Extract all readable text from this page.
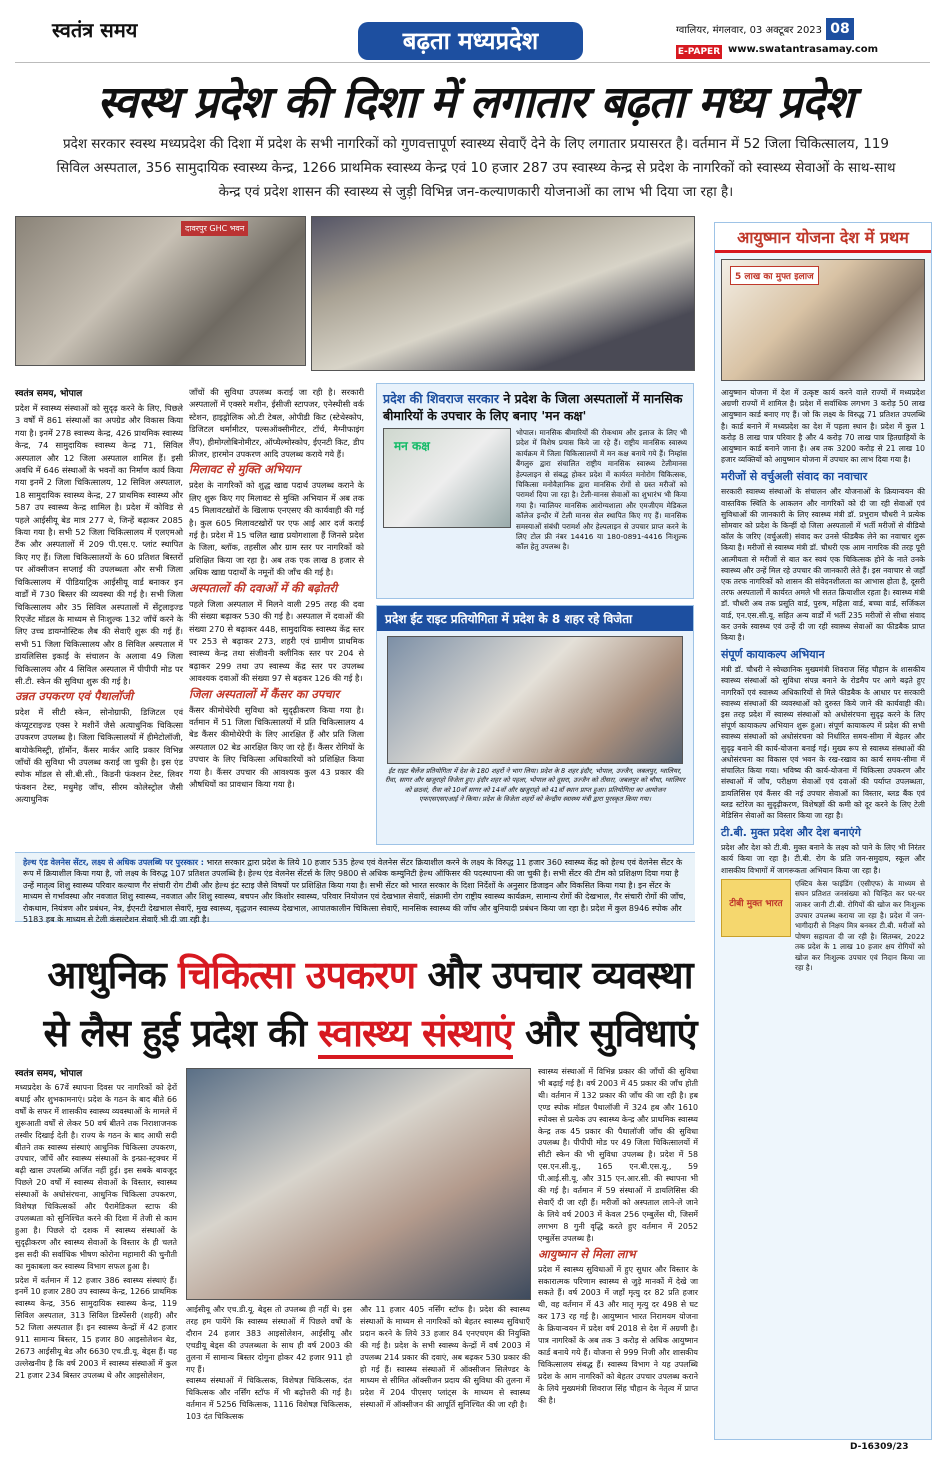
स्वतंत्र समय	बढ़ता मध्यप्रदेश	ग्वालियर, मंगलवार, 03 अक्टूबर 2023 08
E-PAPER www.swatantrasamay.com
स्वस्थ प्रदेश की दिशा में लगातार बढ़ता मध्य प्रदेश
प्रदेश सरकार स्वस्थ मध्यप्रदेश की दिशा में प्रदेश के सभी नागरिकों को गुणवत्तापूर्ण स्वास्थ्य सेवाएँ देने के लिए लगातार प्रयासरत है। वर्तमान में 52 जिला चिकित्सालय, 119 सिविल अस्पताल, 356 सामुदायिक स्वास्थ्य केन्द्र, 1266 प्राथमिक स्वास्थ्य केन्द्र एवं 10 हजार 287 उप स्वास्थ्य केन्द्र से प्रदेश के नागरिकों को स्वास्थ्य सेवाओं के साथ-साथ केन्द्र एवं प्रदेश शासन की स्वास्थ्य से जुड़ी विभिन्न जन-कल्याणकारी योजनाओं का लाभ भी दिया जा रहा है।
दावरपुर GHC भवन
स्वतंत्र समय, भोपाल
प्रदेश में स्वास्थ्य संस्थाओं को सुदृढ़ करने के लिए, पिछले 3 वर्षों में 861 संस्थाओं का अपग्रेड और विकास किया गया है। इनमें 278 स्वास्थ्य केन्द्र, 426 प्राथमिक स्वास्थ्य केन्द्र, 74 सामुदायिक स्वास्थ्य केन्द्र 71, सिविल अस्पताल और 12 जिला अस्पताल शामिल हैं। इसी अवधि में 646 संस्थाओं के भवनों का निर्माण कार्य किया गया इनमें 2 जिला चिकित्सालय, 12 सिविल अस्पताल, 18 सामुदायिक स्वास्थ्य केन्द्र, 27 प्राथमिक स्वास्थ्य और 587 उप स्वास्थ्य केन्द्र शामिल है। प्रदेश में कोविड से पहले आईसीयू बेड मात्र 277 थे, जिन्हें बढ़ाकर 2085 किया गया है। सभी 52 जिला चिकित्सालय में एलएमओ टैंक और अस्पतालों में 209 पी.एस.ए. प्लांट स्थापित किए गए हैं। जिला चिकित्सालयों के 60 प्रतिशत बिस्तरों पर ऑक्सीजन सप्लाई की उपलब्धता और सभी जिला चिकित्सालय में पीडियाट्रिक आईसीयू वार्ड बनाकर इन वार्डों में 730 बिस्तर की व्यवस्था की गई है। सभी जिला चिकित्सालय और 35 सिविल अस्पतालों में सेंट्रलाइज्ड रिएजेंट मॉडल के माध्यम से निःशुल्क 132 जाँचें करने के लिए उच्च डायग्नोस्टिक लैब की सेवाएँ शुरू की गई हैं। सभी 51 जिला चिकित्सालय और 8 सिविल अस्पताल में डायलिसिस इकाई के संचालन के अलावा 49 जिला चिकित्सालय और 4 सिविल अस्पताल में पीपीपी मोड पर सी.टी. स्केन की सुविधा शुरू की गई है।
उन्नत उपकरण एवं पैथालॉजी
प्रदेश में सीटी स्केन, सोनोग्राफी, डिजिटल एवं कंप्यूटराइज्ड एक्स रे मशीनें जैसे अत्याधुनिक चिकित्सा उपकरण उपलब्ध है। जिला चिकित्सालयों में हीमेटोलॉजी, बायोकेमिस्ट्री, हॉर्मोन, कैंसर मार्कर आदि प्रकार विभिन्न जाँचों की सुविधा भी उपलब्ध कराई जा चुकी है। इस एंड स्पोक मॉडल से सी.बी.सी., किडनी फंक्शन टेस्ट, लिवर फंक्शन टेस्ट, मधुमेह जाँच, सीरम कोलेस्ट्रोल जैसी अत्याधुनिक
जाँचों की सुविधा उपलब्ध कराई जा रही है। सरकारी अस्पतालों में एक्सरे मशीन, ईसीजी स्टापजर, एनेस्थीसी वर्क स्टेशन, हाइड्रोलिक ओ.टी टेबल, ओपीडी किट (स्टेथेस्कोप, डिजिटल थर्मामीटर, पल्सऑक्सीमीटर, टॉर्च, मैग्नीफाइंग लैंप), हीमोग्लोबिनोमीटर, ऑप्थैल्मोस्कोप, ईएनटी किट, डीप फ्रीजर, हारमोन उपकरण आदि उपलब्ध कराये गये हैं।
मिलावट से मुक्ति अभियान
प्रदेश के नागरिकों को शुद्ध खाद्य पदार्थ उपलब्ध कराने के लिए शुरू किए गए मिलावट से मुक्ति अभियान में अब तक 45 मिलावटखोरों के खिलाफ एनएसए की कार्यवाही की गई है। कुल 605 मिलावटखोरों पर एफ आई आर दर्ज कराई गई है। प्रदेश में 15 चलित खाद्य प्रयोगशाला हैं जिनसे प्रदेश के जिला, ब्लॉक, तहसील और ग्राम स्तर पर नागरिकों को प्रशिक्षित किया जा रहा है। अब तक एक लाख 8 हजार से अधिक खाद्य पदार्थों के नमूनों की जाँच की गई है।
अस्पतालों की दवाओं में की बढ़ोतरी
पहले जिला अस्पताल में मिलने वाली 295 तरह की दवा की संख्या बढ़ाकर 530 की गई है। अस्पताल में दवाओं की संख्या 270 से बढ़ाकर 448, सामुदायिक स्वास्थ्य केंद्र स्तर पर 253 से बढ़ाकर 273, शहरी एवं ग्रामीण प्राथमिक स्वास्थ्य केन्द्र तथा संजीवनी क्लीनिक स्तर पर 204 से बढ़ाकर 299 तथा उप स्वास्थ्य केंद्र स्तर पर उपलब्ध आवश्यक दवाओं की संख्या 97 से बढ़कर 126 की गई है।
जिला अस्पतालों में कैंसर का उपचार
कैंसर कीमोथेरेपी सुविधा को सुदृढ़ीकरण किया गया है। वर्तमान में 51 जिला चिकित्सालयों में प्रति चिकित्सालय 4 बेड कैंसर कीमोथेरेपी के लिए आरक्षित हैं और प्रति जिला अस्पताल 02 बेड आरक्षित किए जा रहे हैं। कैंसर रोगियों के उपचार के लिए चिकित्सा अधिकारियों को प्रशिक्षित किया गया है। कैंसर उपचार की आवश्यक कुल 43 प्रकार की औषधियों का प्रावधान किया गया है।
प्रदेश की शिवराज सरकार ने प्रदेश के जिला अस्पतालों में मानसिक बीमारियों के उपचार के लिए बनाए 'मन कक्ष'
मन कक्ष
भोपाल। मानसिक बीमारियों की रोकथाम और इलाज के लिए भी प्रदेश में विशेष प्रयास किये जा रहे हैं। राष्ट्रीय मानसिक स्वास्थ्य कार्यक्रम में जिला चिकित्सालयों में मन कक्ष बनाये गये हैं। निम्हांस बैंगलुरु द्वारा संचालित राष्ट्रीय मानसिक स्वास्थ्य टेलीमानस हेल्पलाइन से संबद्ध होकर प्रदेश में कार्यरत मनोरोग चिकित्सक, चिकित्सा मनोवैज्ञानिक द्वारा मानसिक रोगों से ग्रस्त मरीजों को परामर्श दिया जा रहा है। टेली-मानस सेवाओं का शुभारंभ भी किया गया है। ग्वालियर मानसिक आरोग्यशाला और एमजीएम मेडिकल कॉलेज इन्दौर में टेली मानस सेल स्थापित किए गए हैं। मानसिक समस्याओं संबंधी परामर्श और हेल्पलाइन से उपचार प्राप्त करने के लिए टोल फ्री नंबर 14416 या 180-0891-4416 निःशुल्क कॉल हेतु उपलब्ध है।
प्रदेश ईट राइट प्रतियोगिता में प्रदेश के 8 शहर रहे विजेता
ईट राइट चैलेंज प्रतियोगिता में देश के 180 शहरों ने भाग लिया। प्रदेश के 8 शहर इंदौर, भोपाल, उज्जैन, जबलपुर, ग्वालियर, रीवा, सागर और खजुराहो विजेता हुए। इंदौर शहर को पहला, भोपाल को दूसरा, उज्जैन को तीसरा, जबलपुर को चौथा, ग्वालियर को छठवां, रीवा को 10वाँ सागर को 14वाँ और खजुराहो को 41वाँ स्थान प्राप्त हुआ। प्रतियोगिता का आयोजन एफएसएसएआई ने किया। प्रदेश के विजेता शहरों को केन्द्रीय स्वास्थ्य मंत्री द्वारा पुरस्कृत किया गया।
हेल्थ एंड वेलनेस सेंटर, लक्ष्य से अधिक उपलब्धि पर पुरस्कार : भारत सरकार द्वारा प्रदेश के लिये 10 हजार 535 हेल्थ एवं वेलनेस सेंटर क्रियाशील करने के लक्ष्य के विरुद्ध 11 हजार 360 स्वास्थ्य केंद्र को हेल्थ एवं वेलनेस सेंटर के रूप में क्रियाशील किया गया है, जो लक्ष्य के विरुद्ध 107 प्रतिशत उपलब्धि है। हेल्थ एंड वेलनेस सेंटर्स के लिए 9800 से अधिक कम्युनिटी हेल्थ ऑफिसर की पदस्थापना की जा चुकी है। सभी सेंटर की टीम को प्रशिक्षण दिया गया है उन्हें मातृत्व शिशु स्वास्थ्य परिवार कल्याण गैर संचारी रोग टीबी और हेल्थ इंट स्टाइ जैसे विषयों पर प्रशिक्षित किया गया है। सभी सेंटर को भारत सरकार के दिशा निर्देशों के अनुसार डिजाइन और विकसित किया गया है। इन सेंटर के माध्यम से गर्भावस्था और नवजात शिशु स्वास्थ्य, नवजात और शिशु स्वास्थ्य, बचपन और किशोर स्वास्थ्य, परिवार नियोजन एवं देखभाल सेवाएँ, संक्रामी रोग राष्ट्रीय स्वास्थ्य कार्यक्रम, सामान्य रोगों की देखभाल, गैर संचारी रोगों की जाँच, रोकथाम, नियंत्रण और प्रबंधन, नेत्र, ईएनटी देखभाल सेवाएँ, मुख स्वास्थ्य, वृद्धजन स्वास्थ्य देखभाल, आपातकालीन चिकित्सा सेवाएँ, मानसिक स्वास्थ्य की जाँच और बुनियादी प्रबंधन किया जा रहा है। प्रदेश में कुल 8946 स्पोक और 5183 हब के माध्यम से टेली कंसल्टेशन सेवाएँ भी दी जा रही है।
आधुनिक चिकित्सा उपकरण और उपचार व्यवस्था
से लैस हुई प्रदेश की स्वास्थ्य संस्थाएं और सुविधाएं
स्वतंत्र समय, भोपाल
मध्यप्रदेश के 67वें स्थापना दिवस पर नागरिकों को ढ़ेरों बधाई और शुभकामनाएं। प्रदेश के गठन के बाद बीते 66 वर्षों के सफर में शासकीय स्वास्थ्य व्यवस्थाओं के मामले में शुरूआती वर्षों से लेकर 50 वर्ष बीतने तक निराशाजनक तस्वीर दिखाई देती है। राज्य के गठन के बाद आधी सदी बीतने तक स्वास्थ्य संस्थाएं आधुनिक चिकित्सा उपकरण, उपचार, जाँचें और स्वास्थ्य संस्थाओं के इन्फ्रा-स्ट्रक्चर में बढ़ी खास उपलब्धि अर्जित नहीं हुई। इस सबके बावजूद पिछले 20 वर्षों में स्वास्थ्य सेवाओं के विस्तार, स्वास्थ्य संस्थाओं के अधोसंरचना, आधुनिक चिकित्सा उपकरण, विशेषज्ञ चिकित्सकों और पैरामेडिकल स्टाफ की उपलब्धता को सुनिश्चित करने की दिशा में तेजी से काम हुआ है। पिछले दो दशक में स्वास्थ्य संस्थाओं के सुदृढ़ीकरण और स्वास्थ्य सेवाओं के विस्तार के ही चलते इस सदी की सर्वाधिक भीषण कोरोना महामारी की चुनौती का मुकाबला कर स्वास्थ्य विभाग सफल हुआ है।
प्रदेश में वर्तमान में 12 हजार 386 स्वास्थ्य संस्थाएं हैं। इनमें 10 हजार 280 उप स्वास्थ्य केन्द्र, 1266 प्राथमिक स्वास्थ्य केन्द्र, 356 सामुदायिक स्वास्थ्य केन्द्र, 119 सिविल अस्पताल, 313 सिविल डिस्पेंसरी (शहरी) और 52 जिला अस्पताल हैं। इन स्वास्थ्य केन्द्रों में 42 हजार 911 सामान्य बिस्तर, 15 हजार 80 आइसोलेशन बेड, 2673 आईसीयू बेड और 6630 एच.डी.यू. बेड्स हैं। यह उल्लेखनीय है कि वर्ष 2003 में स्वास्थ्य संस्थाओं में कुल 21 हजार 234 बिस्तर उपलब्ध थे और आइसोलेशन,
आईसीयू और एच.डी.यू. बेड्स तो उपलब्ध ही नहीं थे। इस तरह हम पायेंगे कि स्वास्थ्य संस्थाओं में पिछले वर्षों के दौरान 24 हजार 383 आइसोलेशन, आईसीयू और एचडीयू बेड्स की उपलब्धता के साथ ही वर्ष 2003 की तुलना में सामान्य बिस्तर दोगुना होकर 42 हजार 911 हो गए हैं।
स्वास्थ्य संस्थाओं में चिकित्सक, विशेषज्ञ चिकित्सक, दंत चिकित्सक और नर्सिंग स्टॉफ में भी बढ़ोत्तरी की गई है। वर्तमान में 5256 चिकित्सक, 1116 विशेषज्ञ चिकित्सक, 103 दंत चिकित्सक
और 11 हजार 405 नर्सिंग स्टॉफ है। प्रदेश की स्वास्थ्य संस्थाओं के माध्यम से नागरिकों को बेहतर स्वास्थ्य सुविधाएँ प्रदान करने के लिये 33 हजार 84 एनएचएम की नियुक्ति की गई है। प्रदेश के सभी स्वास्थ्य केन्द्रों में वर्ष 2003 में उपलब्ध 214 प्रकार की दवाएं, अब बढ़कर 530 प्रकार की हो गई हैं। स्वास्थ्य संस्थाओं में ऑक्सीजन सिलेण्डर के माध्यम से सीमित ऑक्सीजन प्रदाय की सुविधा की तुलना में प्रदेश में 204 पीएसए प्लांट्स के माध्यम से स्वास्थ्य संस्थाओं में ऑक्सीजन की आपूर्ति सुनिश्चित की जा रही है।
स्वास्थ्य संस्थाओं में विभिन्न प्रकार की जाँचों की सुविधा भी बढ़ाई गई है। वर्ष 2003 में 45 प्रकार की जाँच होती थी। वर्तमान में 132 प्रकार की जाँच की जा रही है। हब एण्ड स्पोक मॉडल पैथालॉजी में 324 हब और 1610 स्पोक्स से प्रत्येक उप स्वास्थ्य केन्द्र और प्राथमिक स्वास्थ्य केन्द्र तक 45 प्रकार की पैथालॉजी जाँच की सुविधा उपलब्ध है। पीपीपी मोड पर 49 जिला चिकित्सालयों में सीटी स्केन की भी सुविधा उपलब्ध है। प्रदेश में 58 एस.एन.सी.यू., 165 एन.बी.एस.यू., 59 पी.आई.सी.यू. और 315 एन.आर.सी. की स्थापना भी की गई है। वर्तमान में 59 संस्थाओं में डायलिसिस की सेवाएँ दी जा रही हैं। मरीजों को अस्पताल लाने-ले जाने के लिये वर्ष 2003 में केवल 256 एम्बुलेंस थी, जिसमें लगभग 8 गुनी वृद्धि करते हुए वर्तमान में 2052 एम्बुलेंस उपलब्ध है।
आयुष्मान से मिला लाभ
प्रदेश में स्वास्थ्य सुविधाओं में हुए सुधार और विस्तार के सकारात्मक परिणाम स्वास्थ्य से जुड़े मानकों में देखे जा सकते हैं। वर्ष 2003 में जहाँ मृत्यु दर 82 प्रति हजार थी, वह वर्तमान में 43 और मातृ मृत्यु दर 498 से घट कर 173 रह गई है। आयुष्मान भारत निरामयम योजना के क्रियान्वयन में प्रदेश वर्ष 2018 से देश में अग्रणी है। पात्र नागरिकों के अब तक 3 करोड़ से अधिक आयुष्मान कार्ड बनाये गये हैं। योजना से 999 निजी और शासकीय चिकित्सालय संबद्ध हैं। स्वास्थ्य विभाग ने यह उपलब्धि प्रदेश के आम नागरिकों को बेहतर उपचार उपलब्ध कराने के लिये मुख्यमंत्री शिवराज सिंह चौहान के नेतृत्व में प्राप्त की है।
आयुष्मान योजना देश में प्रथम
5 लाख का मुफ्त इलाज
आयुष्मान योजना में देश में उत्कृष्ट कार्य करने वाले राज्यों में मध्यप्रदेश अग्रणी राज्यों में शामिल है। प्रदेश में सर्वाधिक लगभग 3 करोड़ 50 लाख आयुष्मान कार्ड बनाए गए हैं। जो कि लक्ष्य के विरुद्ध 71 प्रतिशत उपलब्धि है। कार्ड बनाने में मध्यप्रदेश का देश में पहला स्थान है। प्रदेश में कुल 1 करोड़ 8 लाख पात्र परिवार है और 4 करोड़ 70 लाख पात्र हितग्राहियों के आयुष्मान कार्ड बनाने जाना है। अब तक 3200 करोड़ से 21 लाख 10 हजार व्यक्तियों को आयुष्मान योजना में उपचार का लाभ दिया गया है।
मरीजों से वर्चुअली संवाद का नवाचार
सरकारी स्वास्थ्य संस्थाओं के संचालन और योजनाओं के क्रियान्वयन की वास्तविक स्थिति के आकलन और नागरिकों को दी जा रही सेवाओं एवं सुविधाओं की जानकारी के लिए स्वास्थ्य मंत्री डॉ. प्रभुराम चौधरी ने प्रत्येक सोमवार को प्रदेश के किन्हीं दो जिला अस्पतालों में भर्ती मरीजों से वीडियो कॉल के जरिए (वर्चुअली) संवाद कर उनसे फीडबैक लेने का नवाचार शुरू किया है। मरीजों से स्वास्थ्य मंत्री डॉ. चौधरी एक आम नागरिक की तरह पूरी आत्मीयता से मरीजों से बात कर स्वयं एक चिकित्सक होने के नाते उनके स्वास्थ्य और उन्हें मिल रहे उपचार की जानकारी लेते हैं। इस नवाचार से जहाँ एक तरफ नागरिकों को शासन की संवेदनशीलता का आभास होता है, दूसरी तरफ अस्पतालों में कार्यरत अमले भी सतत क्रियाशील रहता है। स्वास्थ्य मंत्री डॉ. चौधरी अब तक प्रसूति वार्ड, पुरुष, महिला वार्ड, बच्चा वार्ड, सर्जिकल वार्ड, एन.एस.सी.यू. सहित अन्य वार्डों में भर्ती 235 मरीजों से सीधा संवाद कर उनके स्वास्थ्य एवं उन्हें दी जा रही स्वास्थ्य सेवाओं का फीडबैक प्राप्त किया है।
संपूर्ण कायाकल्प अभियान
मंत्री डॉ. चौधरी ने स्वेच्छानिक मुख्यमंत्री शिवराज सिंह चौहान के शासकीय स्वास्थ्य संस्थाओं को सुविधा संपन्न बनाने के रोडमैप पर आगे बढ़ते हुए नागरिकों एवं स्वास्थ्य अधिकारियों से मिले फीडबैक के आधार पर सरकारी स्वास्थ्य संस्थाओं की व्यवस्थाओं को दुरुस्त किये जाने की कार्यवाही की। इस तरह प्रदेश में स्वास्थ्य संस्थाओं को अधोसंरचना सुदृढ़ करने के लिए संपूर्ण कायाकल्प अभियान शुरू हुआ। संपूर्ण कायाकल्प में प्रदेश की सभी स्वास्थ्य संस्थाओं को अधोसंरचना को निर्धारित समय-सीमा में बेहतर और सुदृढ़ बनाने की कार्य-योजना बनाई गई। मुख्य रूप से स्वास्थ्य संस्थाओं की अधोसंरचना का विकास एवं भवन के रख-रखाव का कार्य समय-सीमा में संचालित किया गया। भविष्य की कार्य-योजना में चिकित्सा उपकरण और संस्थाओं में जाँच, परीक्षण सेवाओं एवं दवाओं की पर्याप्त उपलब्धता, डायलिसिस एवं कैंसर की नई उपचार सेवाओं का विस्तार, ब्लड बैंक एवं ब्लड स्टोरेज का सुदृढ़ीकरण, विशेषज्ञों की कमी को दूर करने के लिए टेली मेडिसिन सेवाओं का विस्तार किया जा रहा है।
टी.बी. मुक्त प्रदेश और देश बनाएंगे
प्रदेश और देश को टी.बी. मुक्त बनाने के लक्ष्य को पाने के लिए भी निरंतर कार्य किया जा रहा है। टी.बी. रोग के प्रति जन-समुदाय, स्कूल और शासकीय विभागों में जागरूकता अभियान किया जा रहा है।
टीबी मुक्त भारत
एक्टिव केस फाइंडिंग (एसीएफ) के माध्यम से सघन प्रतिशत जनसंख्या को चिन्हित कर घर-घर जाकर जानी टी.बी. रोगियों की खोज कर निःशुल्क उपचार उपलब्ध कराया जा रहा है। प्रदेश में जन-भागीदारी से निक्षय मित्र बनकर टी.बी. मरीजों को पोषण सहायता दी जा रही है। सितम्बर, 2022 तक प्रदेश के 1 लाख 10 हजार क्षय रोगियों को खोज कर निःशुल्क उपचार एवं निदान किया जा रहा है।
D-16309/23
